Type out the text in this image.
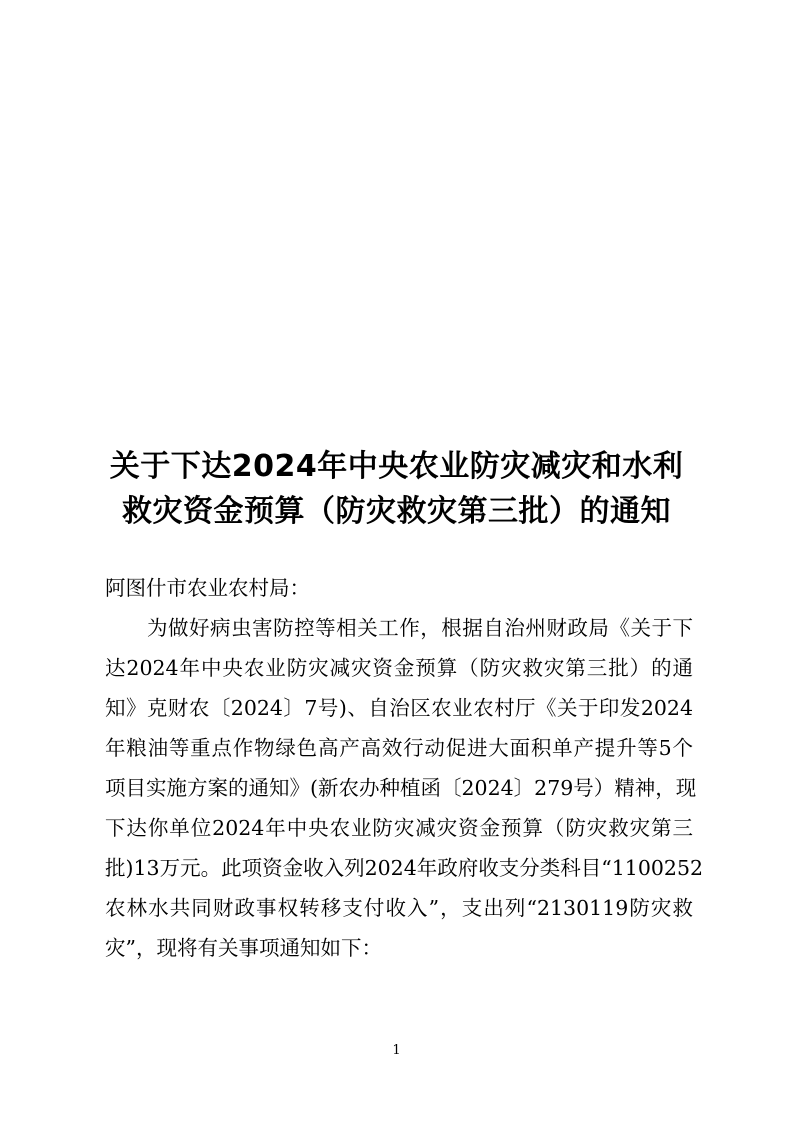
关于下达2024年中央农业防灾减灾和水利
救灾资金预算（防灾救灾第三批）的通知
阿图什市农业农村局：
为做好病虫害防控等相关工作，根据自治州财政局《关于下
达2024年中央农业防灾减灾资金预算（防灾救灾第三批）的通
知》克财农〔2024〕7号)、自治区农业农村厅《关于印发2024
年粮油等重点作物绿色高产高效行动促进大面积单产提升等5个
项目实施方案的通知》(新农办种植函〔2024〕279号）精神，现
下达你单位2024年中央农业防灾减灾资金预算（防灾救灾第三
批)13万元。此项资金收入列2024年政府收支分类科目“1100252
农林水共同财政事权转移支付收入”，支出列“2130119防灾救
灾”，现将有关事项通知如下：
1
